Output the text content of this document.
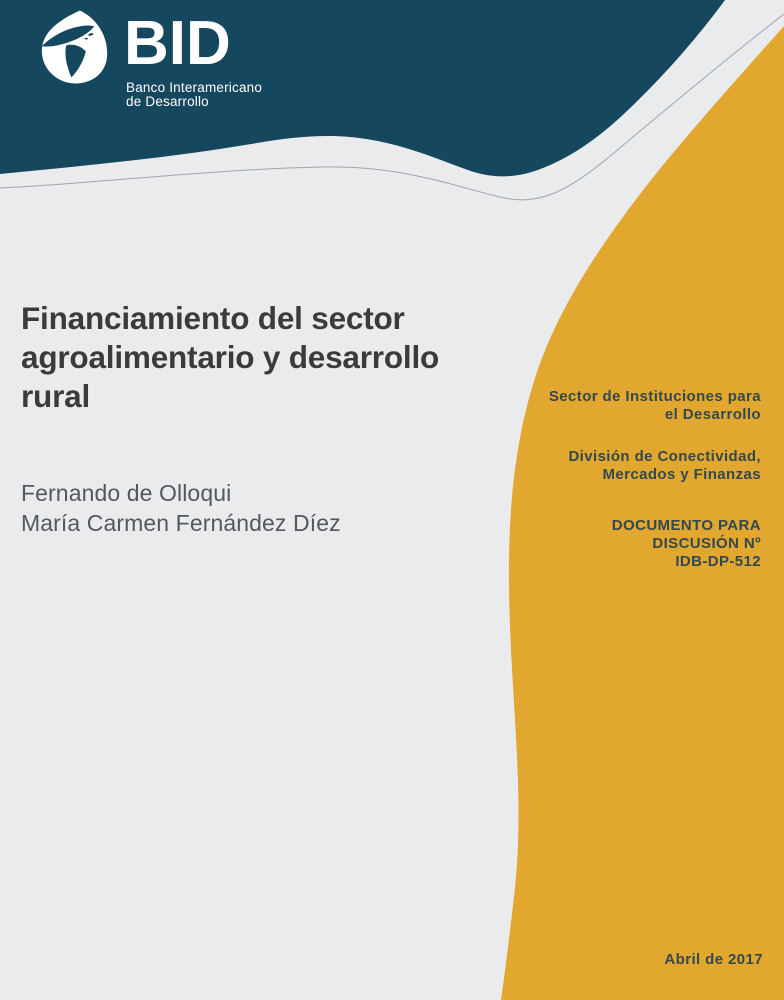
BID
Banco Interamericano
de Desarrollo
Financiamiento del sector
agroalimentario y desarrollo
rural
Fernando de Olloqui
María Carmen Fernández Díez

Sector de Instituciones para
el Desarrollo

División de Conectividad,
Mercados y Finanzas

DOCUMENTO PARA
DISCUSIÓN Nº
IDB-DP-512

Abril de 2017
